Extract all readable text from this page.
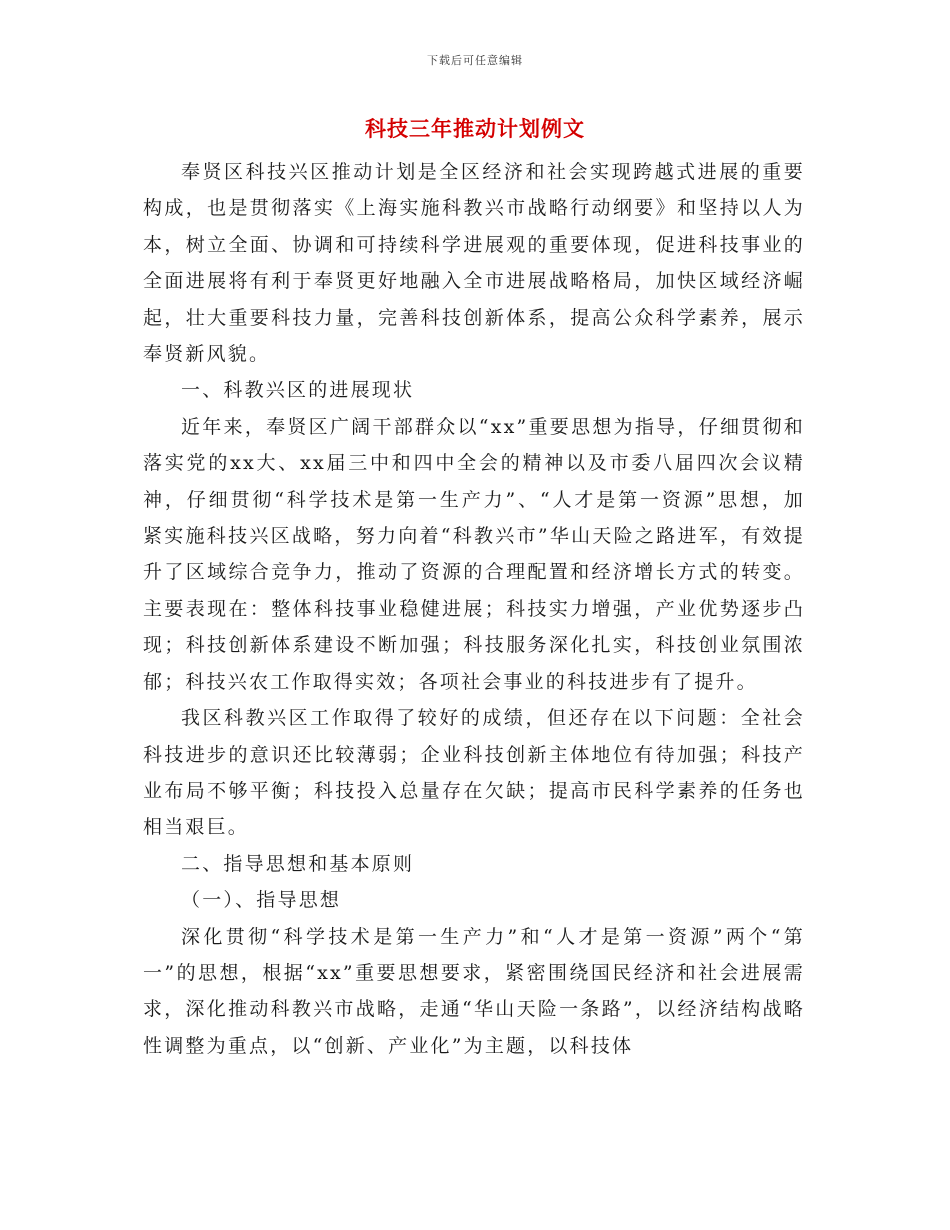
下载后可任意编辑
科技三年推动计划例文

奉贤区科技兴区推动计划是全区经济和社会实现跨越式进展的重要构成，也是贯彻落实《上海实施科教兴市战略行动纲要》和坚持以人为本，树立全面、协调和可持续科学进展观的重要体现，促进科技事业的全面进展将有利于奉贤更好地融入全市进展战略格局，加快区域经济崛起，壮大重要科技力量，完善科技创新体系，提高公众科学素养，展示奉贤新风貌。

一、科教兴区的进展现状

近年来，奉贤区广阔干部群众以“xx”重要思想为指导，仔细贯彻和落实党的xx大、xx届三中和四中全会的精神以及市委八届四次会议精神，仔细贯彻“科学技术是第一生产力”、“人才是第一资源”思想，加紧实施科技兴区战略，努力向着“科教兴市”华山天险之路进军，有效提升了区域综合竞争力，推动了资源的合理配置和经济增长方式的转变。主要表现在：整体科技事业稳健进展；科技实力增强，产业优势逐步凸现；科技创新体系建设不断加强；科技服务深化扎实，科技创业氛围浓郁；科技兴农工作取得实效；各项社会事业的科技进步有了提升。

我区科教兴区工作取得了较好的成绩，但还存在以下问题：全社会科技进步的意识还比较薄弱；企业科技创新主体地位有待加强；科技产业布局不够平衡；科技投入总量存在欠缺；提高市民科学素养的任务也相当艰巨。

二、指导思想和基本原则

（一）、指导思想

深化贯彻“科学技术是第一生产力”和“人才是第一资源”两个“第一”的思想，根据“xx”重要思想要求，紧密围绕国民经济和社会进展需求，深化推动科教兴市战略，走通“华山天险一条路”，以经济结构战略性调整为重点，以“创新、产业化”为主题，以科技体
